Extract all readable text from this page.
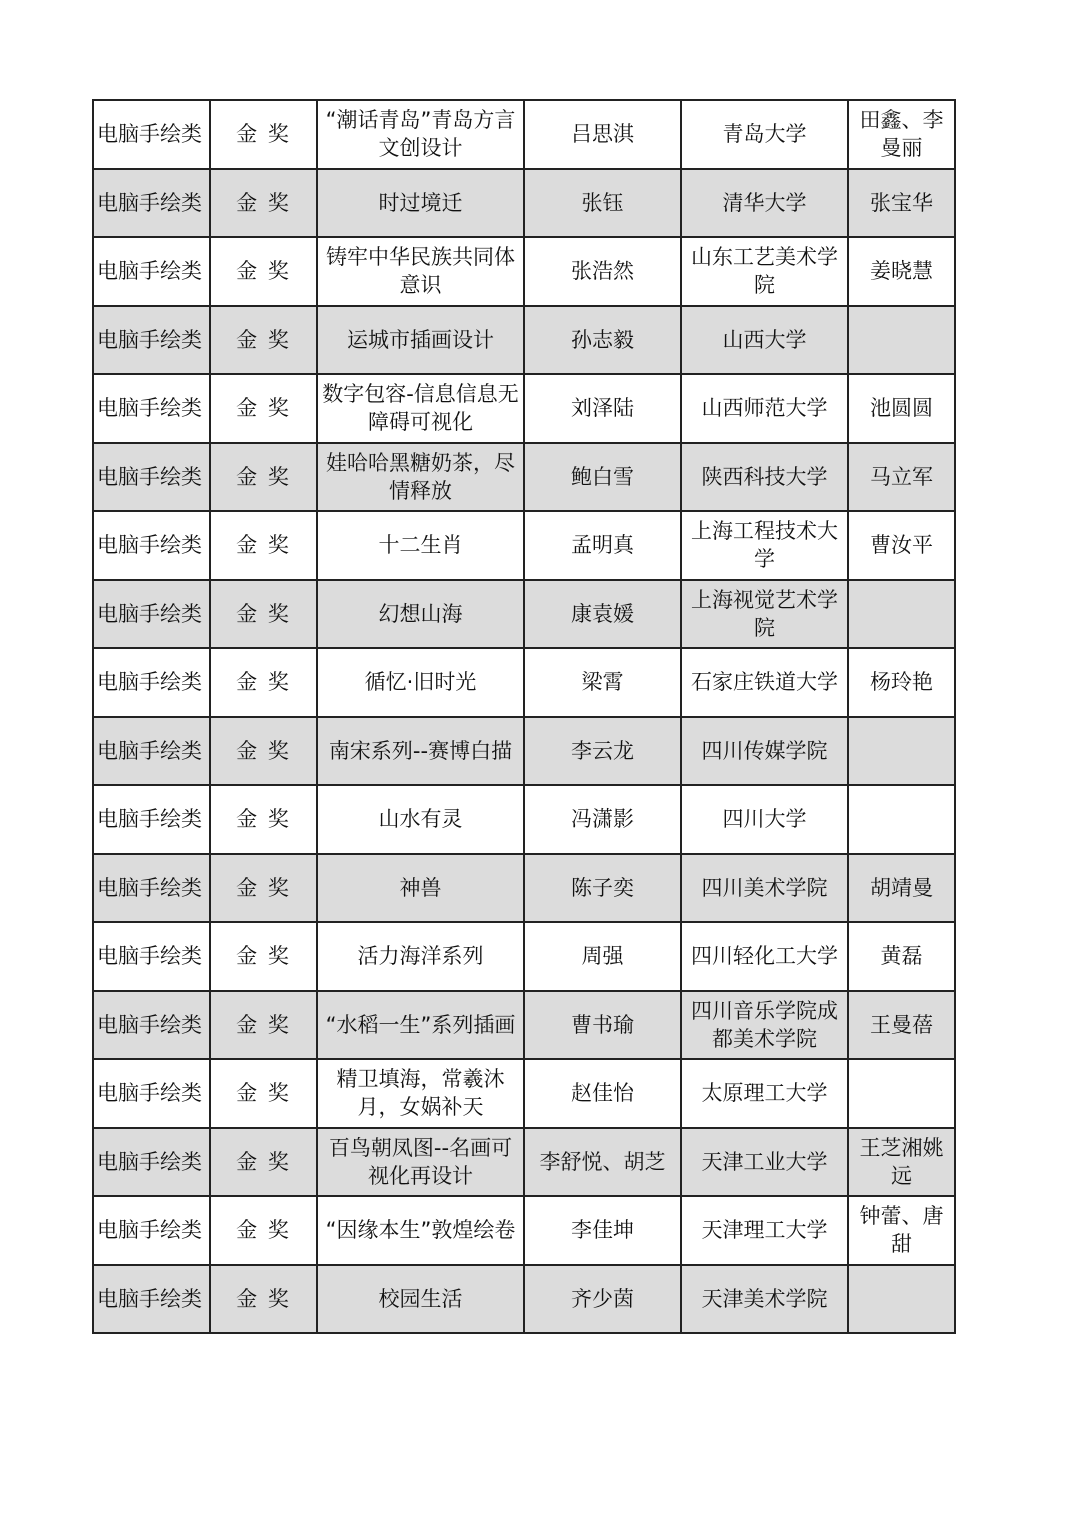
电脑手绘类	金 奖	“潮话青岛”青岛方言文创设计	吕思淇	青岛大学	田鑫、李曼丽

电脑手绘类	金 奖	时过境迁	张钰	清华大学	张宝华

电脑手绘类	金 奖	铸牢中华民族共同体意识	张浩然	山东工艺美术学院	姜晓慧

电脑手绘类	金 奖	运城市插画设计	孙志毅	山西大学	

电脑手绘类	金 奖	数字包容-信息信息无障碍可视化	刘泽陆	山西师范大学	池圆圆

电脑手绘类	金 奖	娃哈哈黑糖奶茶，尽情释放	鲍白雪	陕西科技大学	马立军

电脑手绘类	金 奖	十二生肖	孟明真	上海工程技术大学	曹汝平

电脑手绘类	金 奖	幻想山海	康袁媛	上海视觉艺术学院	

电脑手绘类	金 奖	循忆·旧时光	梁霄	石家庄铁道大学	杨玲艳

电脑手绘类	金 奖	南宋系列--赛博白描	李云龙	四川传媒学院	

电脑手绘类	金 奖	山水有灵	冯潇影	四川大学	

电脑手绘类	金 奖	神兽	陈子奕	四川美术学院	胡靖曼

电脑手绘类	金 奖	活力海洋系列	周强	四川轻化工大学	黄磊

电脑手绘类	金 奖	“水稻一生”系列插画	曹书瑜	四川音乐学院成都美术学院	王曼蓓

电脑手绘类	金 奖	精卫填海，常羲沐月，女娲补天	赵佳怡	太原理工大学	

电脑手绘类	金 奖	百鸟朝凤图--名画可视化再设计	李舒悦、胡芝	天津工业大学	王芝湘姚远

电脑手绘类	金 奖	“因缘本生”敦煌绘卷	李佳坤	天津理工大学	钟蕾、唐甜

电脑手绘类	金 奖	校园生活	齐少茵	天津美术学院	
